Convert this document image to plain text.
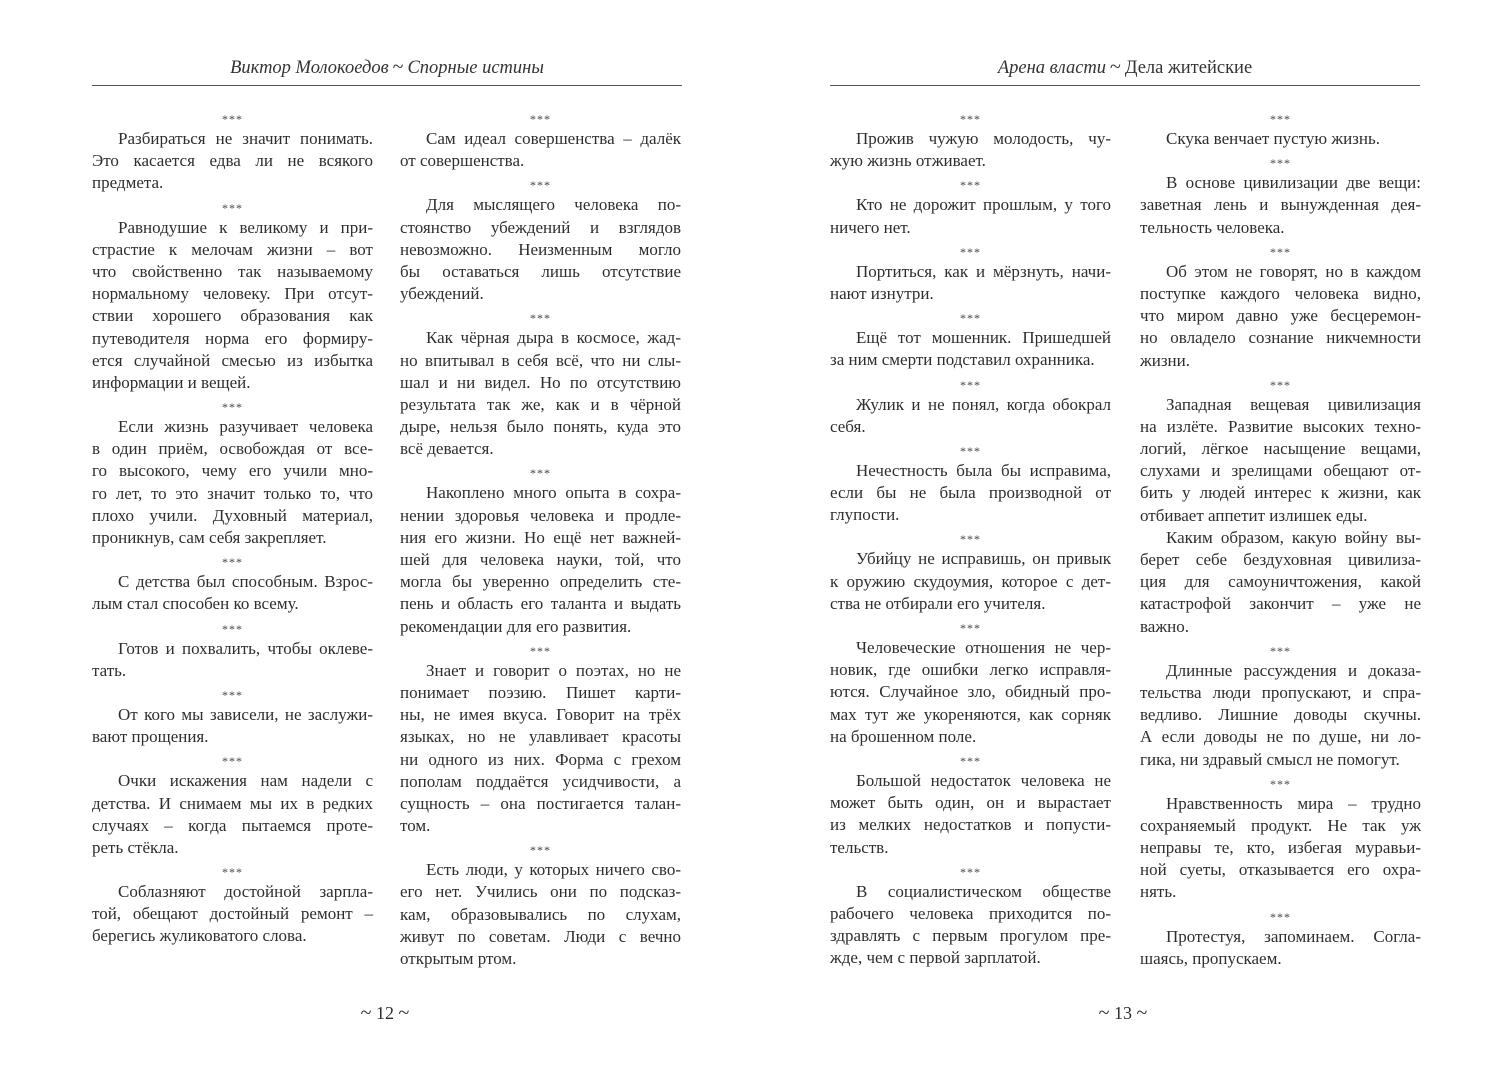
Виктор Молокоедов ~ Спорные истины
***
Разбираться не значит понимать.
Это касается едва ли не всякого
предмета.
***
Равнодушие к великому и при-
страстие к мелочам жизни – вот
что свойственно так называемому
нормальному человеку. При отсут-
ствии хорошего образования как
путеводителя норма его формиру-
ется случайной смесью из избытка
информации и вещей.
***
Если жизнь разучивает человека
в один приём, освобождая от все-
го высокого, чему его учили мно-
го лет, то это значит только то, что
плохо учили. Духовный материал,
проникнув, сам себя закрепляет.
***
С детства был способным. Взрос-
лым стал способен ко всему.
***
Готов и похвалить, чтобы оклеве-
тать.
***
От кого мы зависели, не заслужи-
вают прощения.
***
Очки искажения нам надели с
детства. И снимаем мы их в редких
случаях – когда пытаемся проте-
реть стёкла.
***
Соблазняют достойной зарпла-
той, обещают достойный ремонт –
берегись жуликоватого слова.
***
Сам идеал совершенства – далёк
от совершенства.
***
Для мыслящего человека по-
стоянство убеждений и взглядов
невозможно. Неизменным могло
бы оставаться лишь отсутствие
убеждений.
***
Как чёрная дыра в космосе, жад-
но впитывал в себя всё, что ни слы-
шал и ни видел. Но по отсутствию
результата так же, как и в чёрной
дыре, нельзя было понять, куда это
всё девается.
***
Накоплено много опыта в сохра-
нении здоровья человека и продле-
ния его жизни. Но ещё нет важней-
шей для человека науки, той, что
могла бы уверенно определить сте-
пень и область его таланта и выдать
рекомендации для его развития.
***
Знает и говорит о поэтах, но не
понимает поэзию. Пишет карти-
ны, не имея вкуса. Говорит на трёх
языках, но не улавливает красоты
ни одного из них. Форма с грехом
пополам поддаётся усидчивости, а
сущность – она постигается талан-
том.
***
Есть люди, у которых ничего сво-
его нет. Учились они по подсказ-
кам, образовывались по слухам,
живут по советам. Люди с вечно
открытым ртом.
~ 12 ~
Арена власти ~ Дела житейские
***
Прожив чужую молодость, чу-
жую жизнь отживает.
***
Кто не дорожит прошлым, у того
ничего нет.
***
Портиться, как и мёрзнуть, начи-
нают изнутри.
***
Ещё тот мошенник. Пришедшей
за ним смерти подставил охранника.
***
Жулик и не понял, когда обокрал
себя.
***
Нечестность была бы исправима,
если бы не была производной от
глупости.
***
Убийцу не исправишь, он привык
к оружию скудоумия, которое с дет-
ства не отбирали его учителя.
***
Человеческие отношения не чер-
новик, где ошибки легко исправля-
ются. Случайное зло, обидный про-
мах тут же укореняются, как сорняк
на брошенном поле.
***
Большой недостаток человека не
может быть один, он и вырастает
из мелких недостатков и попусти-
тельств.
***
В социалистическом обществе
рабочего человека приходится по-
здравлять с первым прогулом пре-
жде, чем с первой зарплатой.
***
Скука венчает пустую жизнь.
***
В основе цивилизации две вещи:
заветная лень и вынужденная дея-
тельность человека.
***
Об этом не говорят, но в каждом
поступке каждого человека видно,
что миром давно уже бесцеремон-
но овладело сознание никчемности
жизни.
***
Западная вещевая цивилизация
на излёте. Развитие высоких техно-
логий, лёгкое насыщение вещами,
слухами и зрелищами обещают от-
бить у людей интерес к жизни, как
отбивает аппетит излишек еды.
Каким образом, какую войну вы-
берет себе бездуховная цивилиза-
ция для самоуничтожения, какой
катастрофой закончит – уже не
важно.
***
Длинные рассуждения и доказа-
тельства люди пропускают, и спра-
ведливо. Лишние доводы скучны.
А если доводы не по душе, ни ло-
гика, ни здравый смысл не помогут.
***
Нравственность мира – трудно
сохраняемый продукт. Не так уж
неправы те, кто, избегая муравьи-
ной суеты, отказывается его охра-
нять.
***
Протестуя, запоминаем. Согла-
шаясь, пропускаем.
~ 13 ~
